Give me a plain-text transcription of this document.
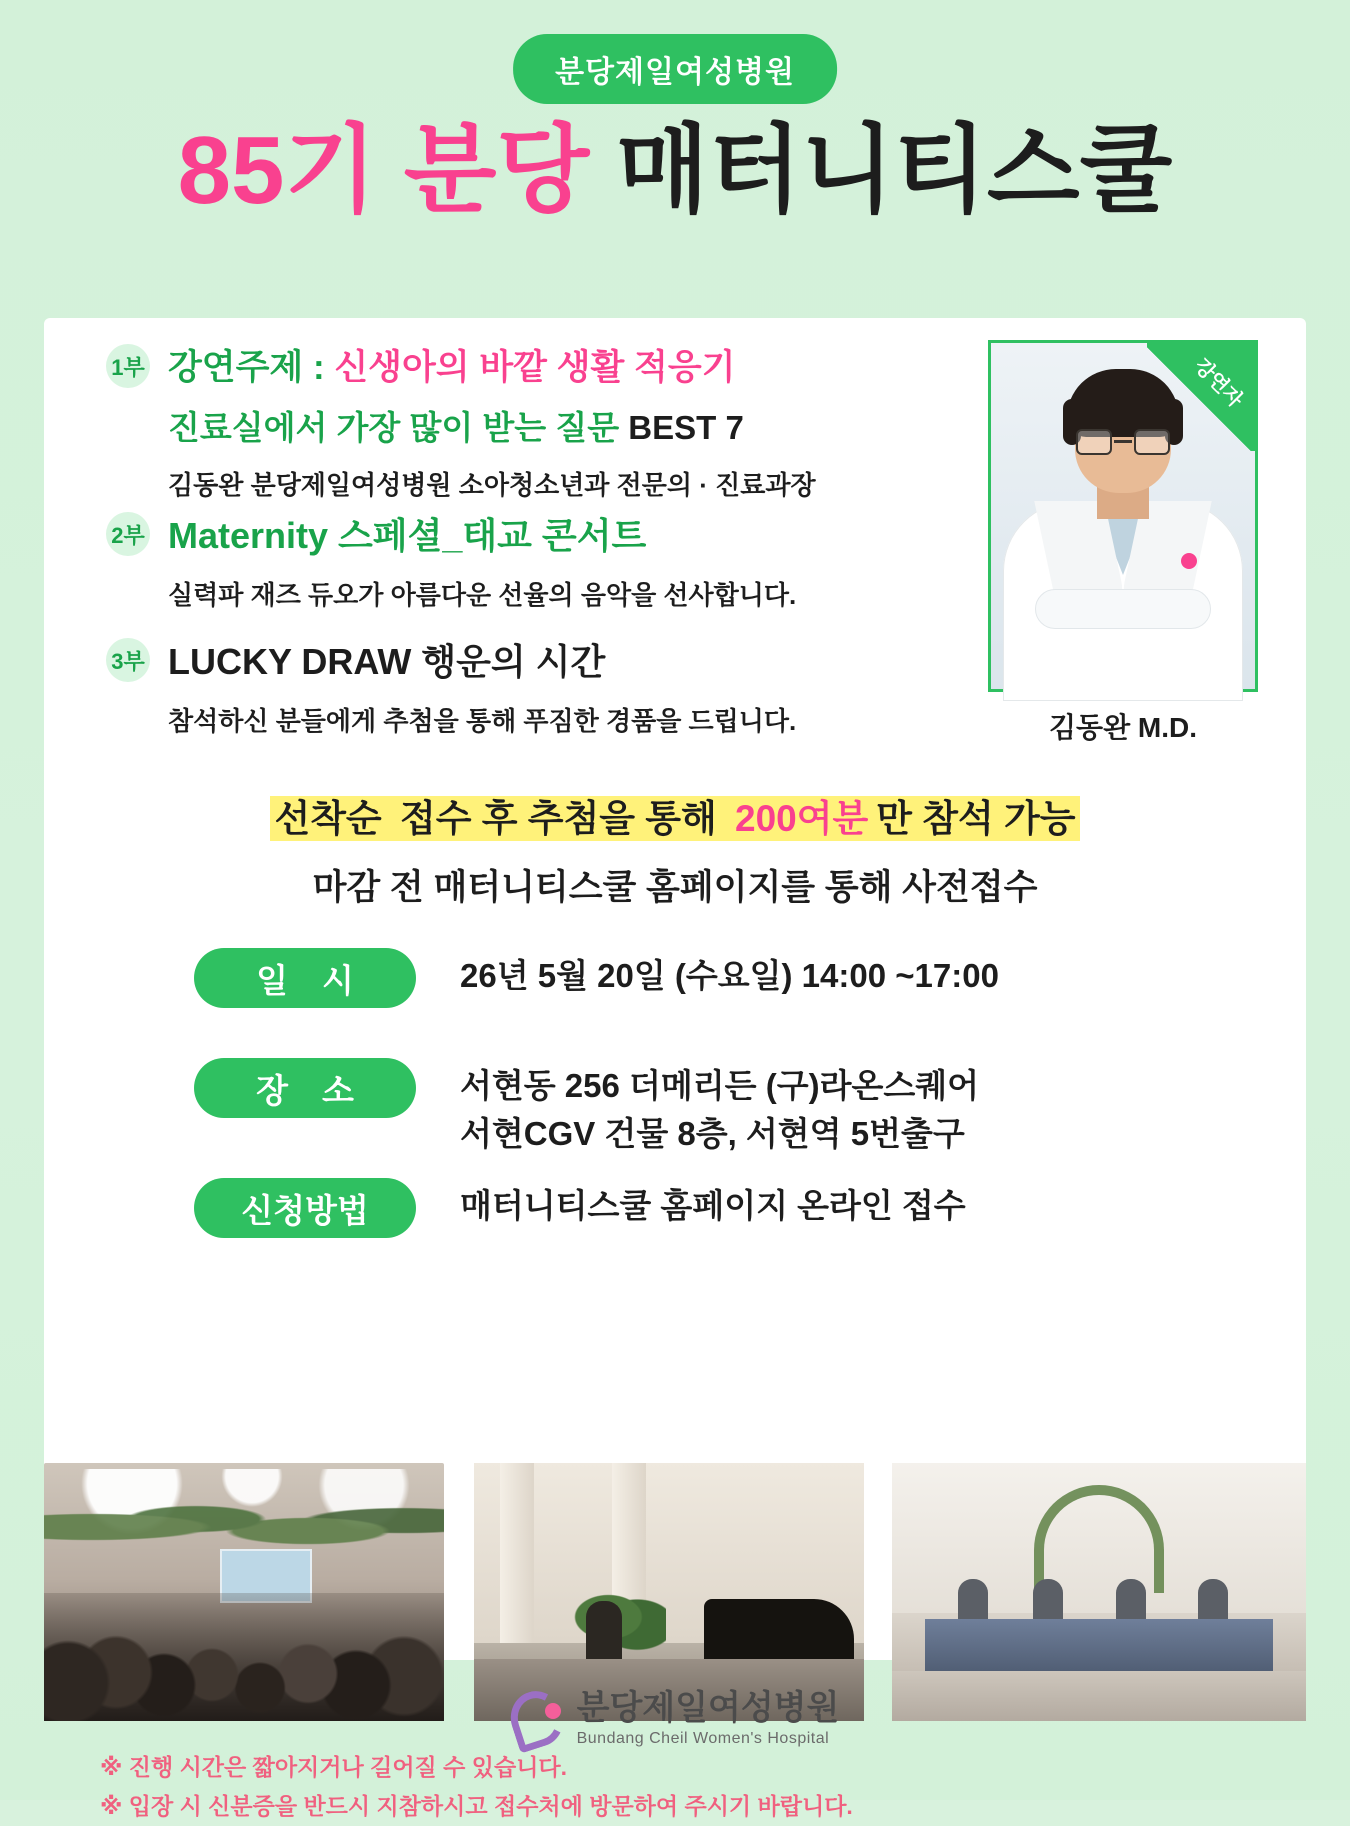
분당제일여성병원
85기 분당 매터니티스쿨
1부 강연주제 : 신생아의 바깥 생활 적응기
진료실에서 가장 많이 받는 질문 BEST 7
김동완 분당제일여성병원 소아청소년과 전문의 · 진료과장
2부 Maternity 스페셜_태교 콘서트
실력파 재즈 듀오가 아름다운 선율의 음악을 선사합니다.
3부 LUCKY DRAW 행운의 시간
참석하신 분들에게 추첨을 통해 푸짐한 경품을 드립니다.
강연자
김동완 M.D.
선착순 접수 후 추첨을 통해 200여분 만 참석 가능
마감 전 매터니티스쿨 홈페이지를 통해 사전접수
일시	26년 5월 20일 (수요일) 14:00 ~17:00
장소	서현동 256 더메리든 (구)라온스퀘어
서현CGV 건물 8층, 서현역 5번출구
신청방법	매터니티스쿨 홈페이지 온라인 접수
※ 진행 시간은 짧아지거나 길어질 수 있습니다.
※ 입장 시 신분증을 반드시 지참하시고 접수처에 방문하여 주시기 바랍니다.
분당제일여성병원
Bundang Cheil Women's Hospital
